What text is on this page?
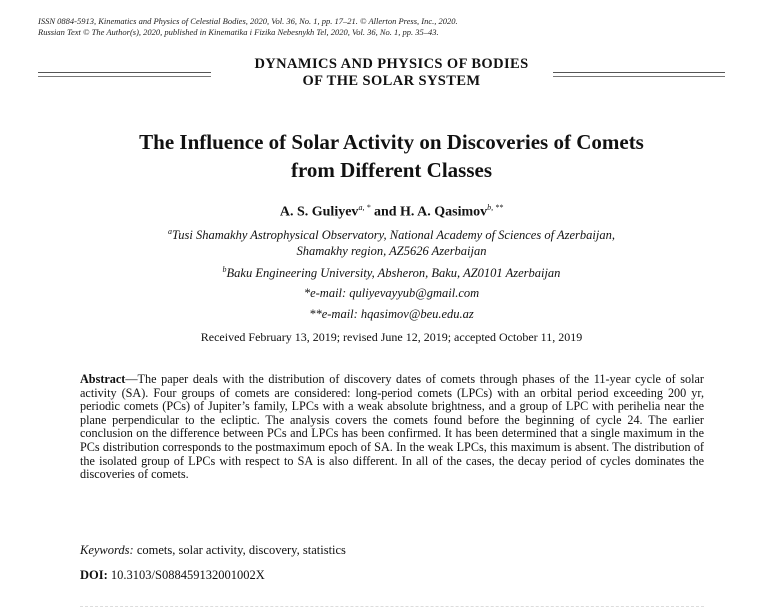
ISSN 0884-5913, Kinematics and Physics of Celestial Bodies, 2020, Vol. 36, No. 1, pp. 17–21. © Allerton Press, Inc., 2020.
Russian Text © The Author(s), 2020, published in Kinematika i Fizika Nebesnykh Tel, 2020, Vol. 36, No. 1, pp. 35–43.
DYNAMICS AND PHYSICS OF BODIES
OF THE SOLAR SYSTEM
The Influence of Solar Activity on Discoveries of Comets
from Different Classes
A. S. Guliyev$^{a, *}$ and H. A. Qasimov$^{b, **}$
$^a$Tusi Shamakhy Astrophysical Observatory, National Academy of Sciences of Azerbaijan,
Shamakhy region, AZ5626 Azerbaijan
$^b$Baku Engineering University, Absheron, Baku, AZ0101 Azerbaijan
*e-mail: quliyevayyub@gmail.com
**e-mail: hqasimov@beu.edu.az
Received February 13, 2019; revised June 12, 2019; accepted October 11, 2019
Abstract—The paper deals with the distribution of discovery dates of comets through phases of the 11-year cycle of solar activity (SA). Four groups of comets are considered: long-period comets (LPCs) with an orbital period exceeding 200 yr, periodic comets (PCs) of Jupiter’s family, LPCs with a weak absolute brightness, and a group of LPC with perihelia near the plane perpendicular to the ecliptic. The analysis covers the comets found before the beginning of cycle 24. The earlier conclusion on the difference between PCs and LPCs has been confirmed. It has been determined that a single maximum in the PCs distribution corresponds to the postmaximum epoch of SA. In the weak LPCs, this maximum is absent. The distribution of the isolated group of LPCs with respect to SA is also different. In all of the cases, the decay period of cycles dominates the discoveries of comets.
Keywords: comets, solar activity, discovery, statistics
DOI: 10.3103/S088459132001002X
